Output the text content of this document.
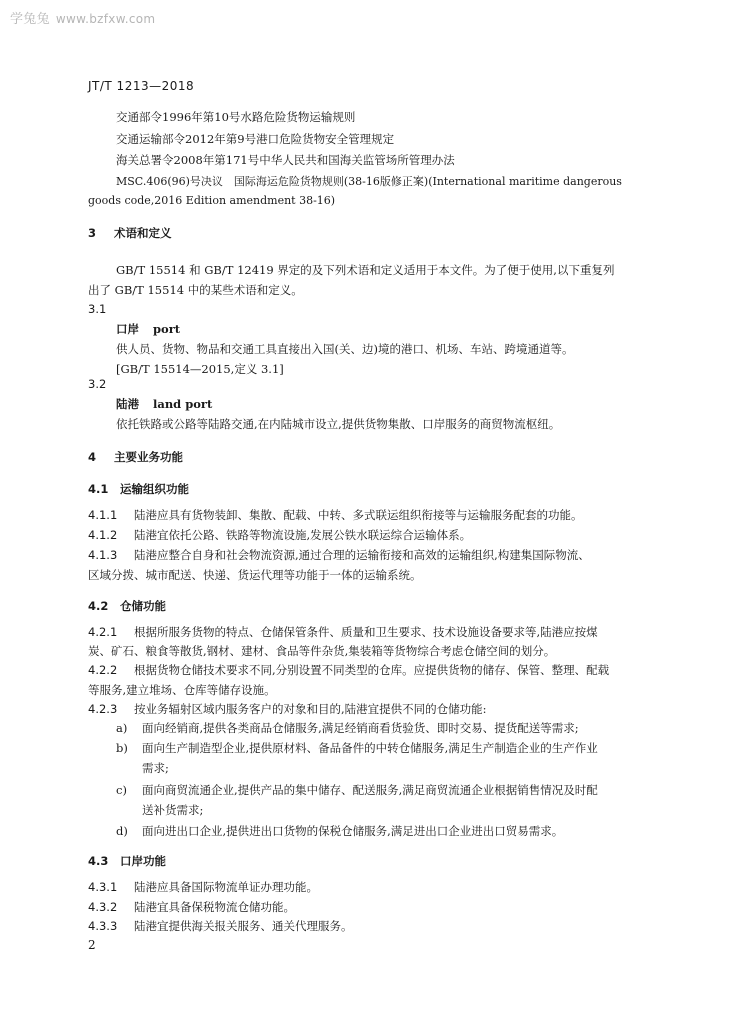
学兔兔 www.bzfxw.com
JT/T 1213—2018
交通部令1996年第10号水路危险货物运输规则
交通运输部令2012年第9号港口危险货物安全管理规定
海关总署令2008年第171号中华人民共和国海关监管场所管理办法
MSC.406(96)号决议　国际海运危险货物规则(38-16版修正案)(International maritime dangerous
goods code,2016 Edition amendment 38-16)
3 术语和定义
GB/T 15514 和 GB/T 12419 界定的及下列术语和定义适用于本文件。为了便于使用,以下重复列
出了 GB/T 15514 中的某些术语和定义。
3.1
口岸 port
供人员、货物、物品和交通工具直接出入国(关、边)境的港口、机场、车站、跨境通道等。
[GB/T 15514—2015,定义 3.1]
3.2
陆港 land port
依托铁路或公路等陆路交通,在内陆城市设立,提供货物集散、口岸服务的商贸物流枢纽。
4 主要业务功能
4.1 运输组织功能
4.1.1 陆港应具有货物装卸、集散、配载、中转、多式联运组织衔接等与运输服务配套的功能。
4.1.2 陆港宜依托公路、铁路等物流设施,发展公铁水联运综合运输体系。
4.1.3 陆港应整合自身和社会物流资源,通过合理的运输衔接和高效的运输组织,构建集国际物流、
区域分拨、城市配送、快递、货运代理等功能于一体的运输系统。
4.2 仓储功能
4.2.1 根据所服务货物的特点、仓储保管条件、质量和卫生要求、技术设施设备要求等,陆港应按煤
炭、矿石、粮食等散货,钢材、建材、食品等件杂货,集装箱等货物综合考虑仓储空间的划分。
4.2.2 根据货物仓储技术要求不同,分别设置不同类型的仓库。应提供货物的储存、保管、整理、配载
等服务,建立堆场、仓库等储存设施。
4.2.3 按业务辐射区域内服务客户的对象和目的,陆港宜提供不同的仓储功能:
a) 面向经销商,提供各类商品仓储服务,满足经销商看货验货、即时交易、提货配送等需求;
b) 面向生产制造型企业,提供原材料、备品备件的中转仓储服务,满足生产制造企业的生产作业
需求;
c) 面向商贸流通企业,提供产品的集中储存、配送服务,满足商贸流通企业根据销售情况及时配
送补货需求;
d) 面向进出口企业,提供进出口货物的保税仓储服务,满足进出口企业进出口贸易需求。
4.3 口岸功能
4.3.1 陆港应具备国际物流单证办理功能。
4.3.2 陆港宜具备保税物流仓储功能。
4.3.3 陆港宜提供海关报关服务、通关代理服务。
2
